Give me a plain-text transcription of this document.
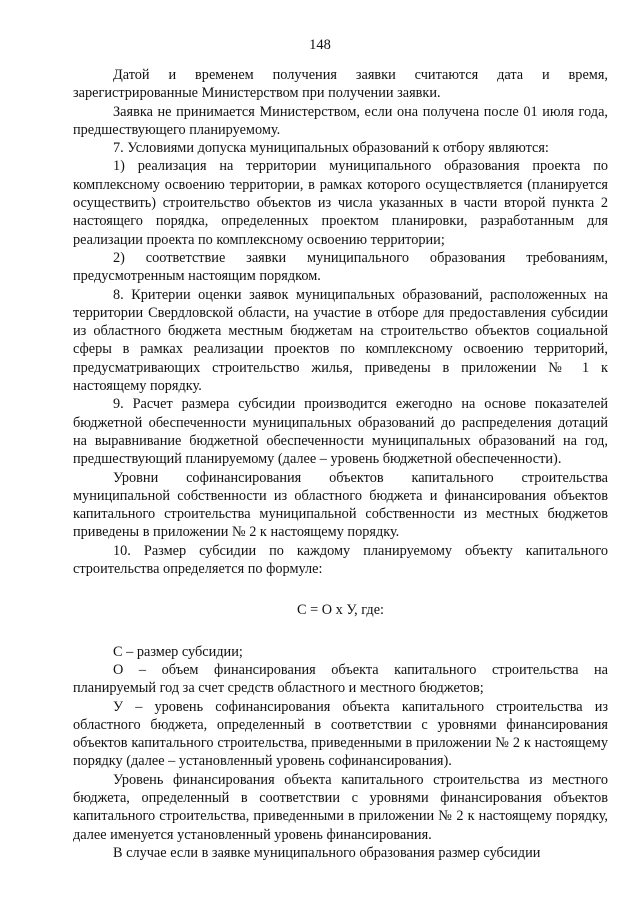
148

Датой и временем получения заявки считаются дата и время, зарегистрированные Министерством при получении заявки.

Заявка не принимается Министерством, если она получена после 01 июля года, предшествующего планируемому.

7. Условиями допуска муниципальных образований к отбору являются:

1) реализация на территории муниципального образования проекта по комплексному освоению территории, в рамках которого осуществляется (планируется осуществить) строительство объектов из числа указанных в части второй пункта 2 настоящего порядка, определенных проектом планировки, разработанным для реализации проекта по комплексному освоению территории;

2) соответствие заявки муниципального образования требованиям, предусмотренным настоящим порядком.

8. Критерии оценки заявок муниципальных образований, расположенных на территории Свердловской области, на участие в отборе для предоставления субсидии из областного бюджета местным бюджетам на строительство объектов социальной сферы в рамках реализации проектов по комплексному освоению территорий, предусматривающих строительство жилья, приведены в приложении № 1 к настоящему порядку.

9. Расчет размера субсидии производится ежегодно на основе показателей бюджетной обеспеченности муниципальных образований до распределения дотаций на выравнивание бюджетной обеспеченности муниципальных образований на год, предшествующий планируемому (далее – уровень бюджетной обеспеченности).

Уровни софинансирования объектов капитального строительства муниципальной собственности из областного бюджета и финансирования объектов капитального строительства муниципальной собственности из местных бюджетов приведены в приложении № 2 к настоящему порядку.

10. Размер субсидии по каждому планируемому объекту капитального строительства определяется по формуле:

С = О х У, где:

С – размер субсидии;

О – объем финансирования объекта капитального строительства на планируемый год за счет средств областного и местного бюджетов;

У – уровень софинансирования объекта капитального строительства из областного бюджета, определенный в соответствии с уровнями финансирования объектов капитального строительства, приведенными в приложении № 2 к настоящему порядку (далее – установленный уровень софинансирования).

Уровень финансирования объекта капитального строительства из местного бюджета, определенный в соответствии с уровнями финансирования объектов капитального строительства, приведенными в приложении № 2 к настоящему порядку, далее именуется установленный уровень финансирования.

В случае если в заявке муниципального образования размер субсидии
